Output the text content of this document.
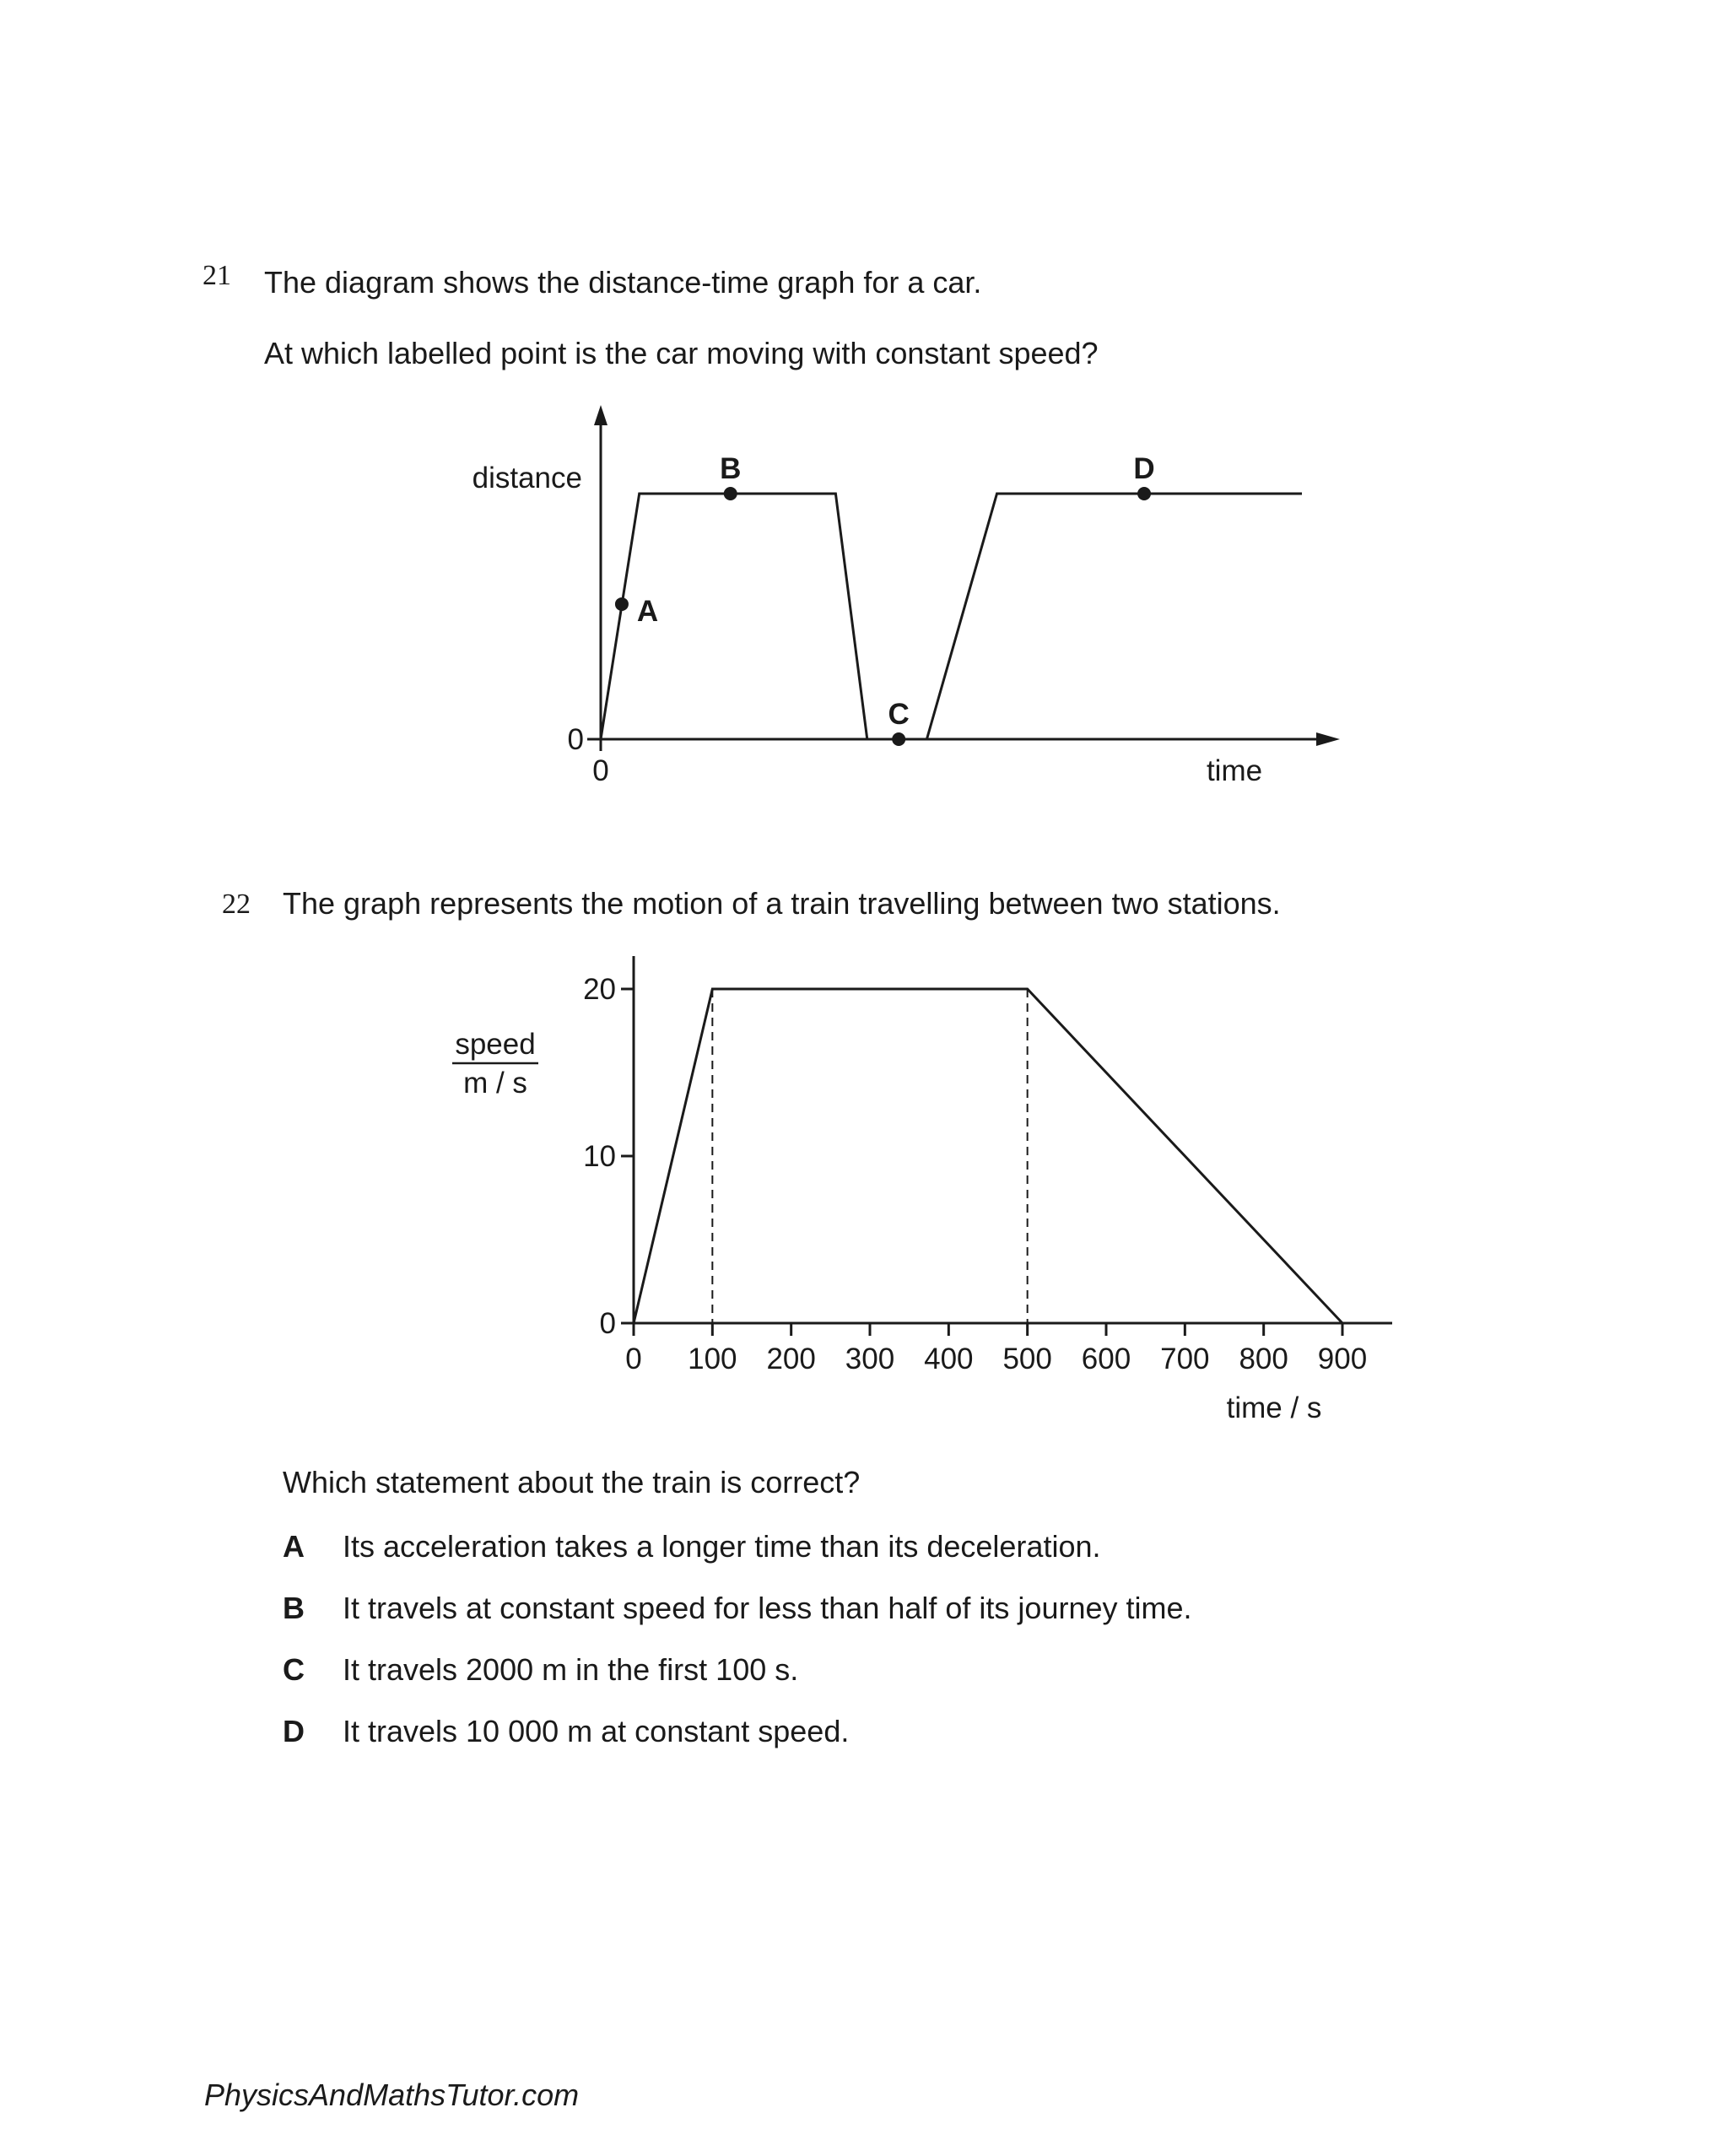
21 The diagram shows the distance-time graph for a car.
At which labelled point is the car moving with constant speed?
distance
time
0
0
A
B
C
D
0
10
20
0 100 200 300 400 500 600 700 800 900
time / s
speed
m / s
22 The graph represents the motion of a train travelling between two stations.
Which statement about the train is correct?
A Its acceleration takes a longer time than its deceleration.
B It travels at constant speed for less than half of its journey time.
C It travels 2000 m in the first 100 s.
D It travels 10 000 m at constant speed.
PhysicsAndMathsTutor.com
